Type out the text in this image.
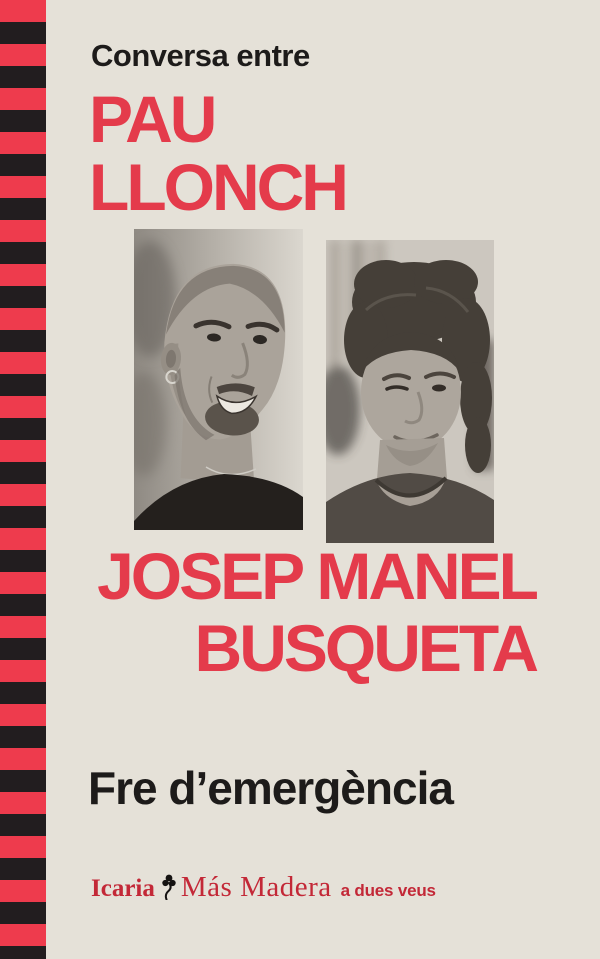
Conversa entre
PAU
LLONCH
JOSEP MANEL
BUSQUETA
Fre d’emergència
Icaria Más Madera a dues veus
